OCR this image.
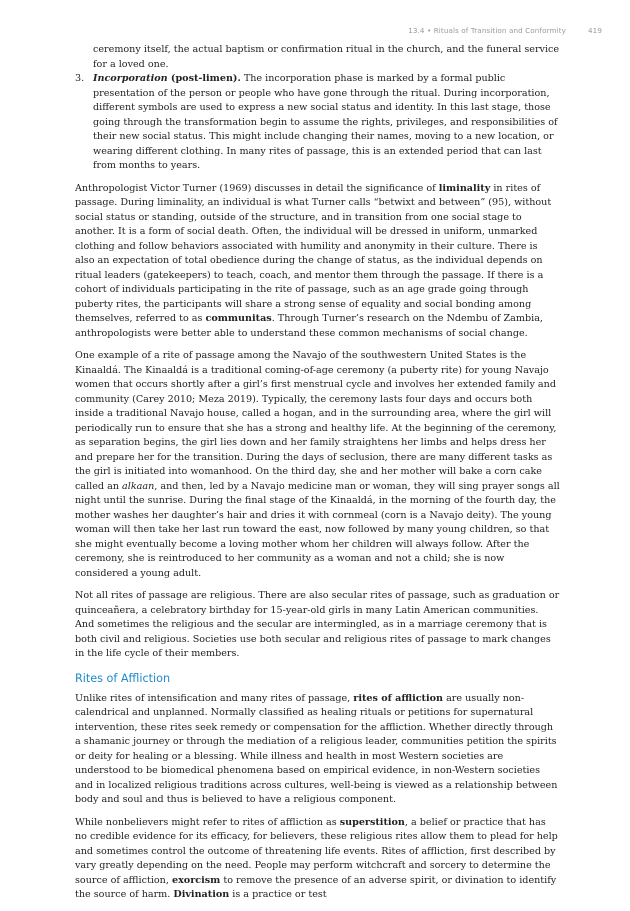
13.4 • Rituals of Transition and Conformity	419

ceremony itself, the actual baptism or confirmation ritual in the church, and the funeral service for a loved one.

3. Incorporation (post-limen). The incorporation phase is marked by a formal public presentation of the person or people who have gone through the ritual. During incorporation, different symbols are used to express a new social status and identity. In this last stage, those going through the transformation begin to assume the rights, privileges, and responsibilities of their new social status. This might include changing their names, moving to a new location, or wearing different clothing. In many rites of passage, this is an extended period that can last from months to years.

Anthropologist Victor Turner (1969) discusses in detail the significance of liminality in rites of passage. During liminality, an individual is what Turner calls “betwixt and between” (95), without social status or standing, outside of the structure, and in transition from one social stage to another. It is a form of social death. Often, the individual will be dressed in uniform, unmarked clothing and follow behaviors associated with humility and anonymity in their culture. There is also an expectation of total obedience during the change of status, as the individual depends on ritual leaders (gatekeepers) to teach, coach, and mentor them through the passage. If there is a cohort of individuals participating in the rite of passage, such as an age grade going through puberty rites, the participants will share a strong sense of equality and social bonding among themselves, referred to as communitas. Through Turner’s research on the Ndembu of Zambia, anthropologists were better able to understand these common mechanisms of social change.

One example of a rite of passage among the Navajo of the southwestern United States is the Kinaaldá. The Kinaaldá is a traditional coming-of-age ceremony (a puberty rite) for young Navajo women that occurs shortly after a girl’s first menstrual cycle and involves her extended family and community (Carey 2010; Meza 2019). Typically, the ceremony lasts four days and occurs both inside a traditional Navajo house, called a hogan, and in the surrounding area, where the girl will periodically run to ensure that she has a strong and healthy life. At the beginning of the ceremony, as separation begins, the girl lies down and her family straightens her limbs and helps dress her and prepare her for the transition. During the days of seclusion, there are many different tasks as the girl is initiated into womanhood. On the third day, she and her mother will bake a corn cake called an alkaan, and then, led by a Navajo medicine man or woman, they will sing prayer songs all night until the sunrise. During the final stage of the Kinaaldá, in the morning of the fourth day, the mother washes her daughter’s hair and dries it with cornmeal (corn is a Navajo deity). The young woman will then take her last run toward the east, now followed by many young children, so that she might eventually become a loving mother whom her children will always follow. After the ceremony, she is reintroduced to her community as a woman and not a child; she is now considered a young adult.

Not all rites of passage are religious. There are also secular rites of passage, such as graduation or quinceañera, a celebratory birthday for 15-year-old girls in many Latin American communities. And sometimes the religious and the secular are intermingled, as in a marriage ceremony that is both civil and religious. Societies use both secular and religious rites of passage to mark changes in the life cycle of their members.

Rites of Affliction

Unlike rites of intensification and many rites of passage, rites of affliction are usually non-calendrical and unplanned. Normally classified as healing rituals or petitions for supernatural intervention, these rites seek remedy or compensation for the affliction. Whether directly through a shamanic journey or through the mediation of a religious leader, communities petition the spirits or deity for healing or a blessing. While illness and health in most Western societies are understood to be biomedical phenomena based on empirical evidence, in non-Western societies and in localized religious traditions across cultures, well-being is viewed as a relationship between body and soul and thus is believed to have a religious component.

While nonbelievers might refer to rites of affliction as superstition, a belief or practice that has no credible evidence for its efficacy, for believers, these religious rites allow them to plead for help and sometimes control the outcome of threatening life events. Rites of affliction, first described by vary greatly depending on the need. People may perform witchcraft and sorcery to determine the source of affliction, exorcism to remove the presence of an adverse spirit, or divination to identify the source of harm. Divination is a practice or test
